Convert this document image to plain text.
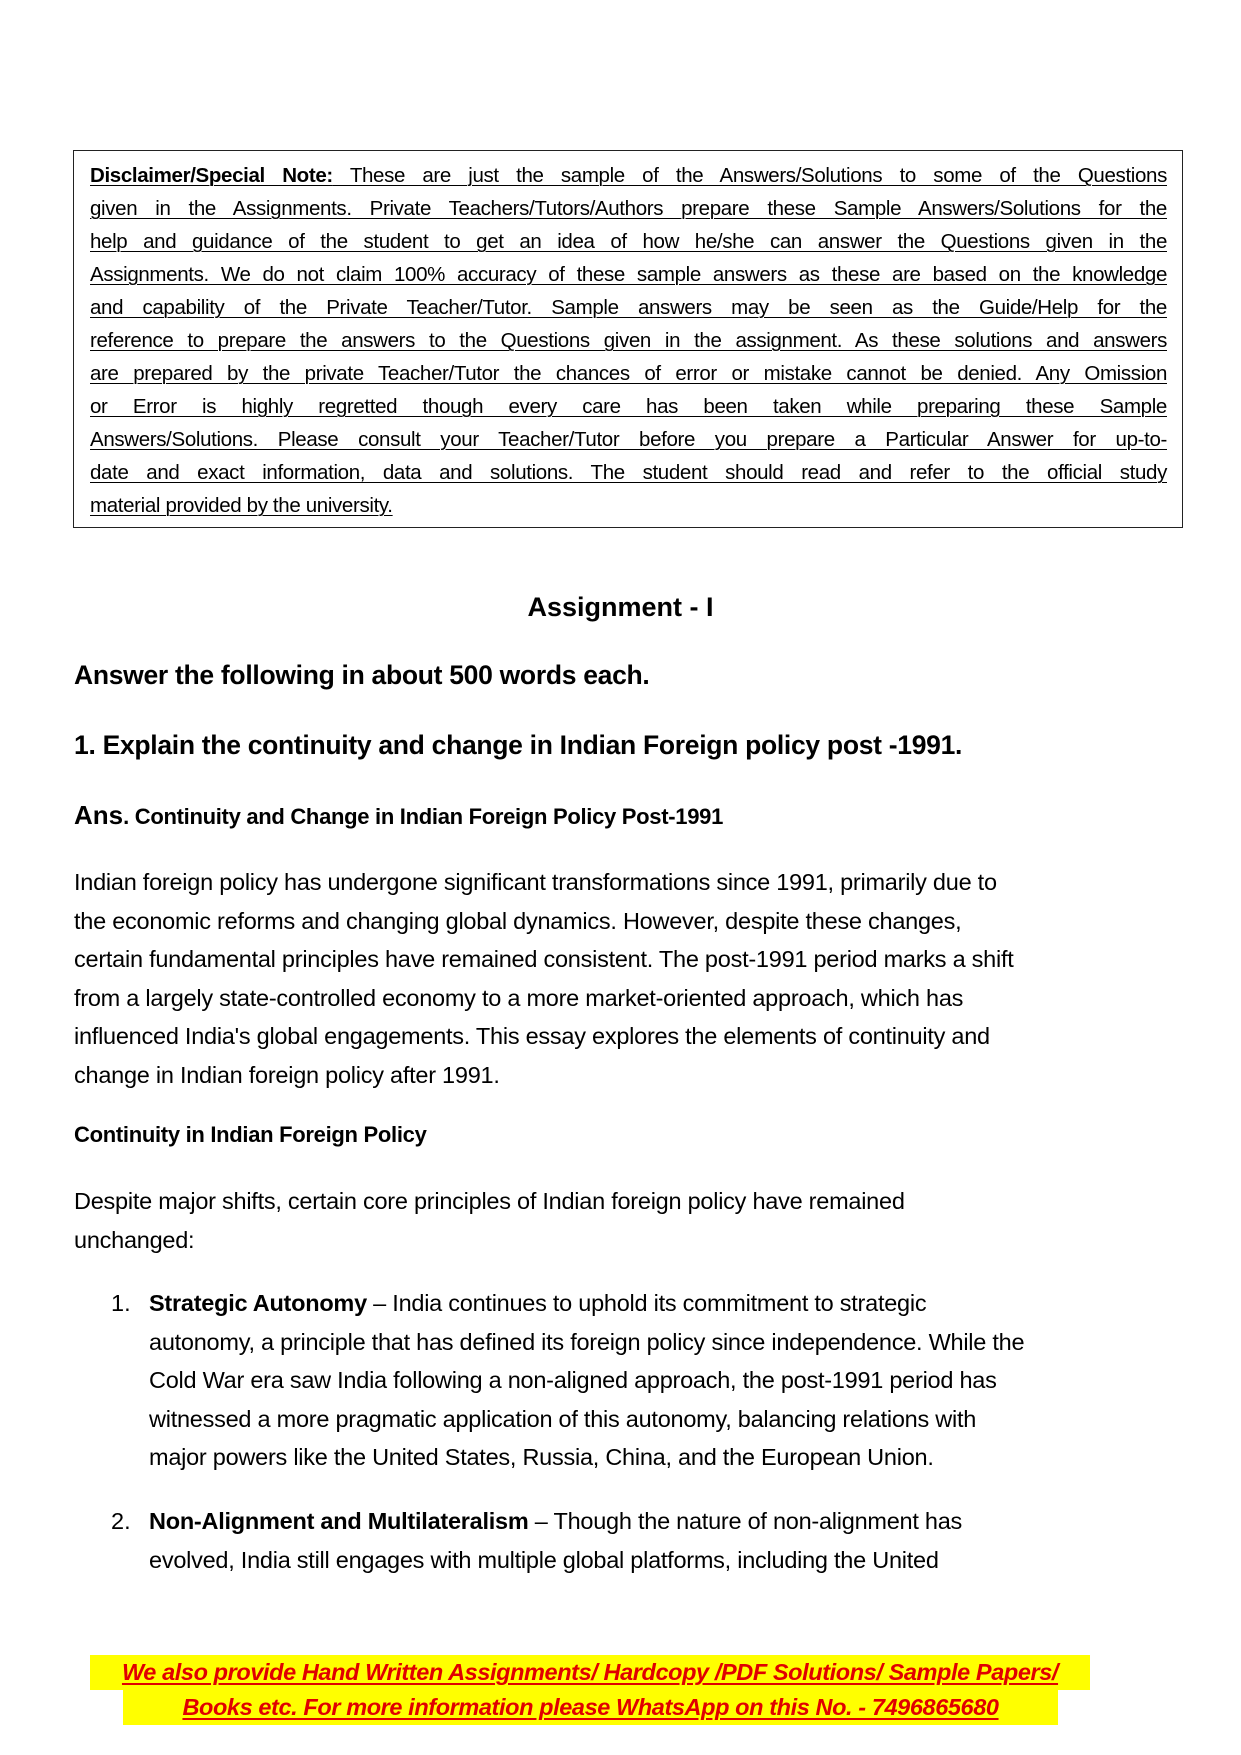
Disclaimer/Special Note: These are just the sample of the Answers/Solutions to some of the Questions
given in the Assignments. Private Teachers/Tutors/Authors prepare these Sample Answers/Solutions for the
help and guidance of the student to get an idea of how he/she can answer the Questions given in the
Assignments. We do not claim 100% accuracy of these sample answers as these are based on the knowledge
and capability of the Private Teacher/Tutor. Sample answers may be seen as the Guide/Help for the
reference to prepare the answers to the Questions given in the assignment. As these solutions and answers
are prepared by the private Teacher/Tutor the chances of error or mistake cannot be denied. Any Omission
or Error is highly regretted though every care has been taken while preparing these Sample
Answers/Solutions. Please consult your Teacher/Tutor before you prepare a Particular Answer for up-to-
date and exact information, data and solutions. The student should read and refer to the official study
material provided by the university.
Assignment - I
Answer the following in about 500 words each.
1. Explain the continuity and change in Indian Foreign policy post -1991.
Ans. Continuity and Change in Indian Foreign Policy Post-1991
Indian foreign policy has undergone significant transformations since 1991, primarily due to
the economic reforms and changing global dynamics. However, despite these changes,
certain fundamental principles have remained consistent. The post-1991 period marks a shift
from a largely state-controlled economy to a more market-oriented approach, which has
influenced India's global engagements. This essay explores the elements of continuity and
change in Indian foreign policy after 1991.
Continuity in Indian Foreign Policy
Despite major shifts, certain core principles of Indian foreign policy have remained
unchanged:
1. Strategic Autonomy – India continues to uphold its commitment to strategic
autonomy, a principle that has defined its foreign policy since independence. While the
Cold War era saw India following a non-aligned approach, the post-1991 period has
witnessed a more pragmatic application of this autonomy, balancing relations with
major powers like the United States, Russia, China, and the European Union.
2. Non-Alignment and Multilateralism – Though the nature of non-alignment has
evolved, India still engages with multiple global platforms, including the United
We also provide Hand Written Assignments/ Hardcopy /PDF Solutions/ Sample Papers/
Books etc. For more information please WhatsApp on this No. - 7496865680
